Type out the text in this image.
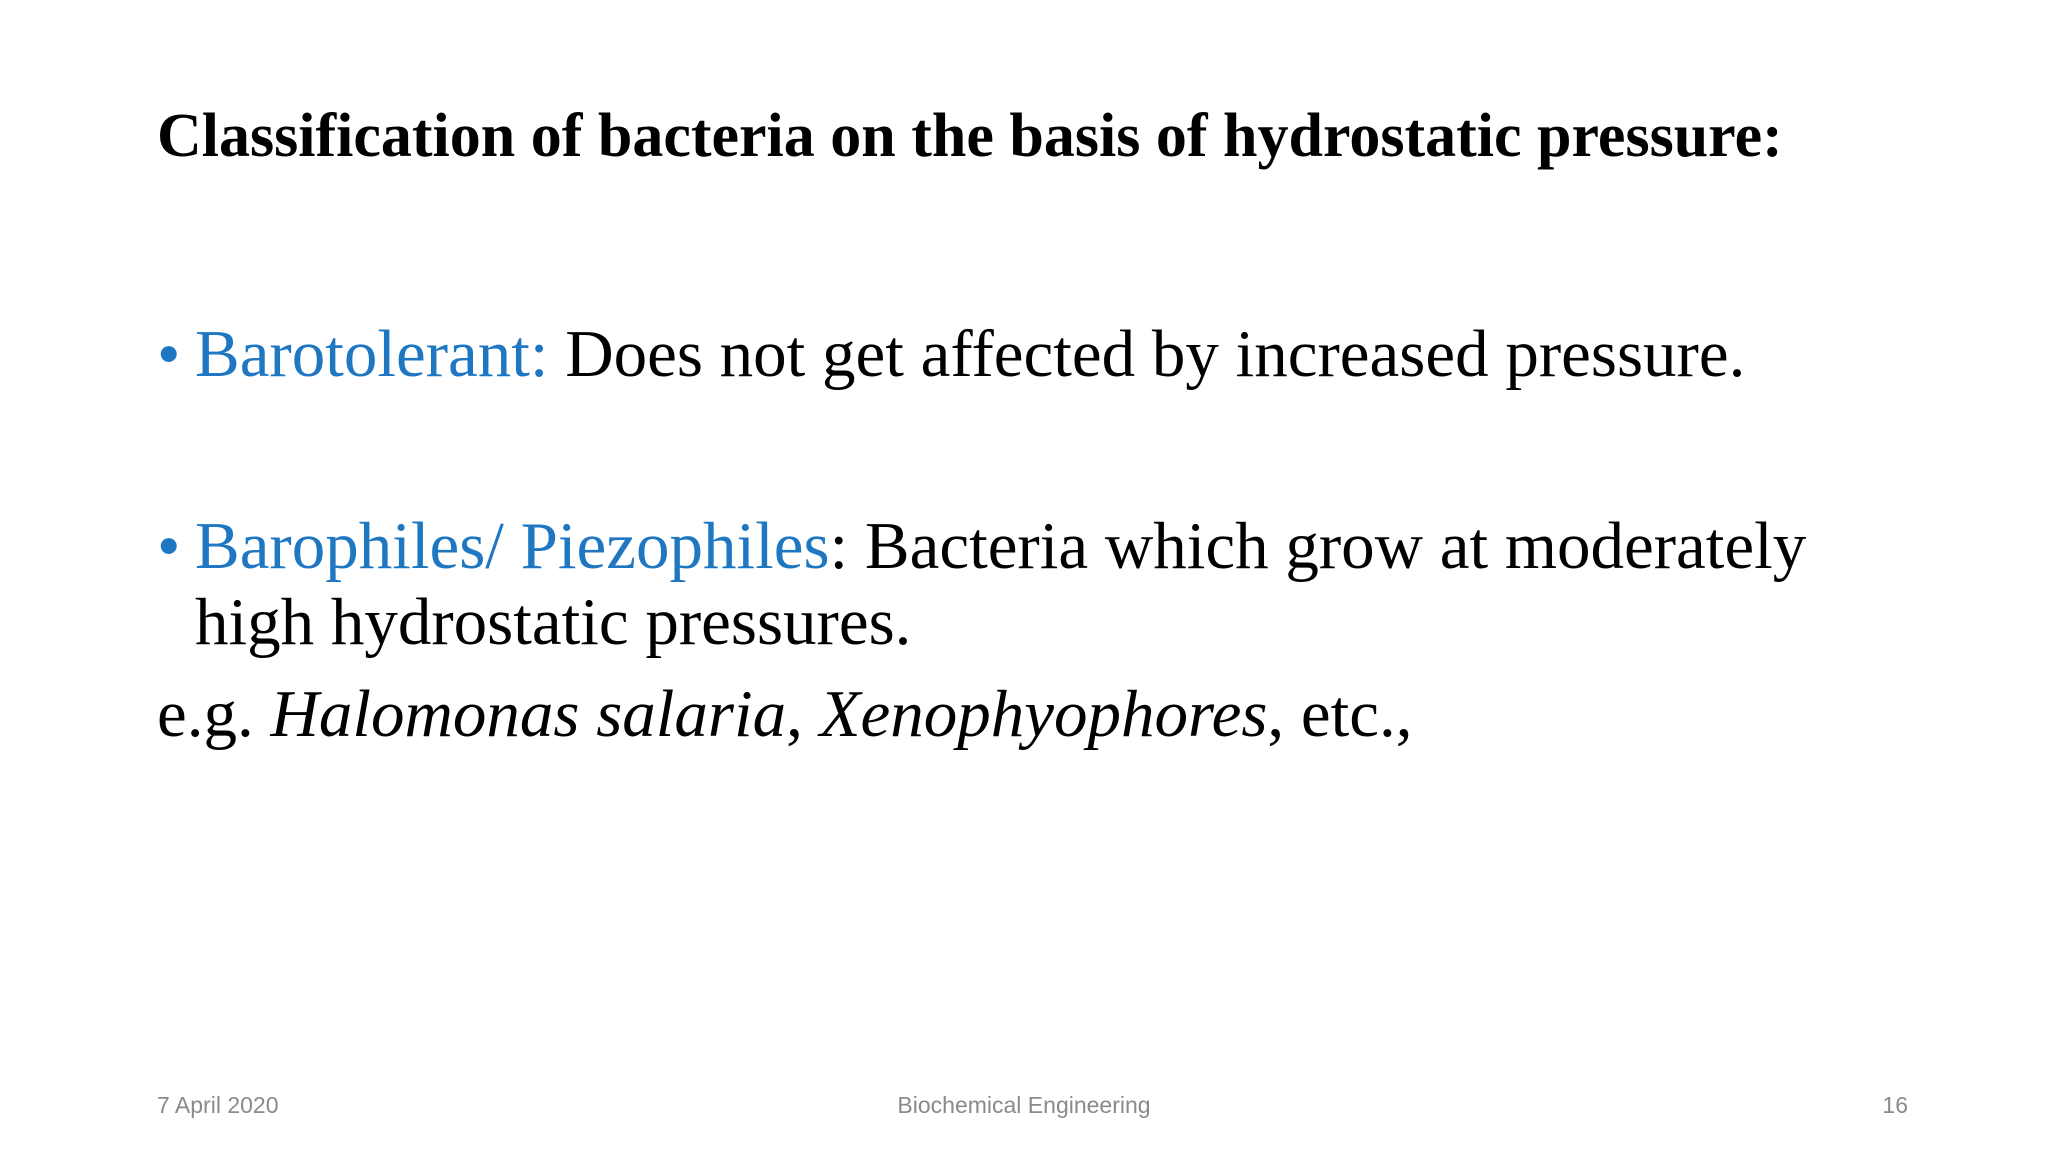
Classification of bacteria on the basis of hydrostatic pressure:
• Barotolerant: Does not get affected by increased pressure.
• Barophiles/ Piezophiles: Bacteria which grow at moderately high hydrostatic pressures.
e.g. Halomonas salaria, Xenophyophores, etc.,
7 April 2020	Biochemical Engineering	16
